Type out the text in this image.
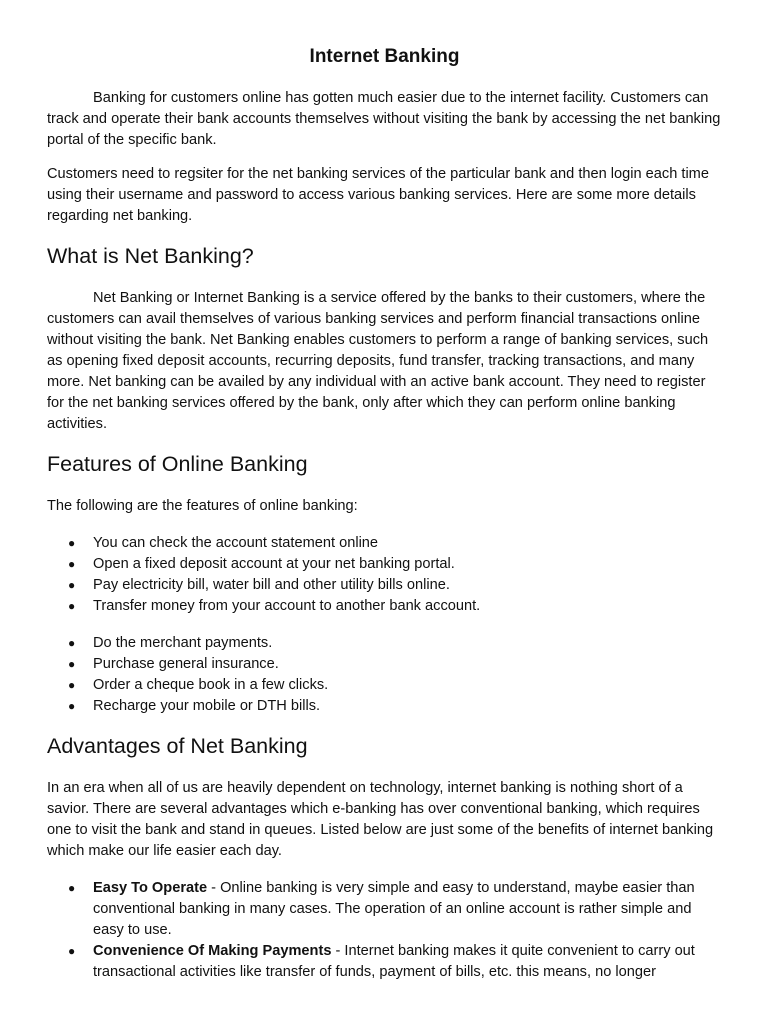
Internet Banking

Banking for customers online has gotten much easier due to the internet facility. Customers can track and operate their bank accounts themselves without visiting the bank by accessing the net banking portal of the specific bank.

Customers need to regsiter for the net banking services of the particular bank and then login each time using their username and password to access various banking services. Here are some more details regarding net banking.

What is Net Banking?

Net Banking or Internet Banking is a service offered by the banks to their customers, where the customers can avail themselves of various banking services and perform financial transactions online without visiting the bank. Net Banking enables customers to perform a range of banking services, such as opening fixed deposit accounts, recurring deposits, fund transfer, tracking transactions, and many more. Net banking can be availed by any individual with an active bank account. They need to register for the net banking services offered by the bank, only after which they can perform online banking activities.

Features of Online Banking

The following are the features of online banking:

● You can check the account statement online
● Open a fixed deposit account at your net banking portal.
● Pay electricity bill, water bill and other utility bills online.
● Transfer money from your account to another bank account.
● Do the merchant payments.
● Purchase general insurance.
● Order a cheque book in a few clicks.
● Recharge your mobile or DTH bills.
Advantages of Net Banking

In an era when all of us are heavily dependent on technology, internet banking is nothing short of a savior. There are several advantages which e-banking has over conventional banking, which requires one to visit the bank and stand in queues. Listed below are just some of the benefits of internet banking which make our life easier each day.

● Easy To Operate - Online banking is very simple and easy to understand, maybe easier than conventional banking in many cases. The operation of an online account is rather simple and easy to use.
● Convenience Of Making Payments - Internet banking makes it quite convenient to carry out transactional activities like transfer of funds, payment of bills, etc. this means, no longer
